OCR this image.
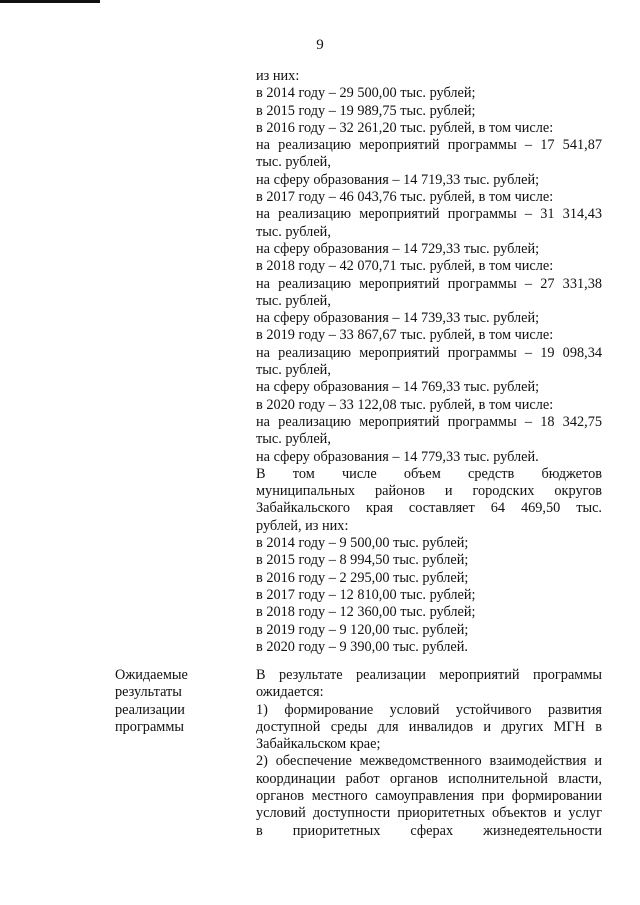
9
из них:
в 2014 году – 29 500,00 тыс. рублей;
в 2015 году – 19 989,75 тыс. рублей;
в 2016 году – 32 261,20 тыс. рублей, в том числе:
на реализацию мероприятий программы – 17 541,87
тыс. рублей,
на сферу образования – 14 719,33 тыс. рублей;
в 2017 году – 46 043,76 тыс. рублей, в том числе:
на реализацию мероприятий программы – 31 314,43
тыс. рублей,
на сферу образования – 14 729,33 тыс. рублей;
в 2018 году – 42 070,71 тыс. рублей, в том числе:
на реализацию мероприятий программы – 27 331,38
тыс. рублей,
на сферу образования – 14 739,33 тыс. рублей;
в 2019 году – 33 867,67 тыс. рублей, в том числе:
на реализацию мероприятий программы – 19 098,34
тыс. рублей,
на сферу образования – 14 769,33 тыс. рублей;
в 2020 году – 33 122,08 тыс. рублей, в том числе:
на реализацию мероприятий программы – 18 342,75
тыс. рублей,
на сферу образования – 14 779,33 тыс. рублей.
В том числе объем средств бюджетов
муниципальных районов и городских округов
Забайкальского края составляет 64 469,50 тыс.
рублей, из них:
в 2014 году – 9 500,00 тыс. рублей;
в 2015 году – 8 994,50 тыс. рублей;
в 2016 году – 2 295,00 тыс. рублей;
в 2017 году – 12 810,00 тыс. рублей;
в 2018 году – 12 360,00 тыс. рублей;
в 2019 году – 9 120,00 тыс. рублей;
в 2020 году – 9 390,00 тыс. рублей.
Ожидаемые
результаты
реализации
программы
В результате реализации мероприятий программы
ожидается:
1) формирование условий устойчивого развития
доступной среды для инвалидов и других МГН в
Забайкальском крае;
2) обеспечение межведомственного взаимодействия и
координации работ органов исполнительной власти,
органов местного самоуправления при формировании
условий доступности приоритетных объектов и услуг
в приоритетных сферах жизнедеятельности
